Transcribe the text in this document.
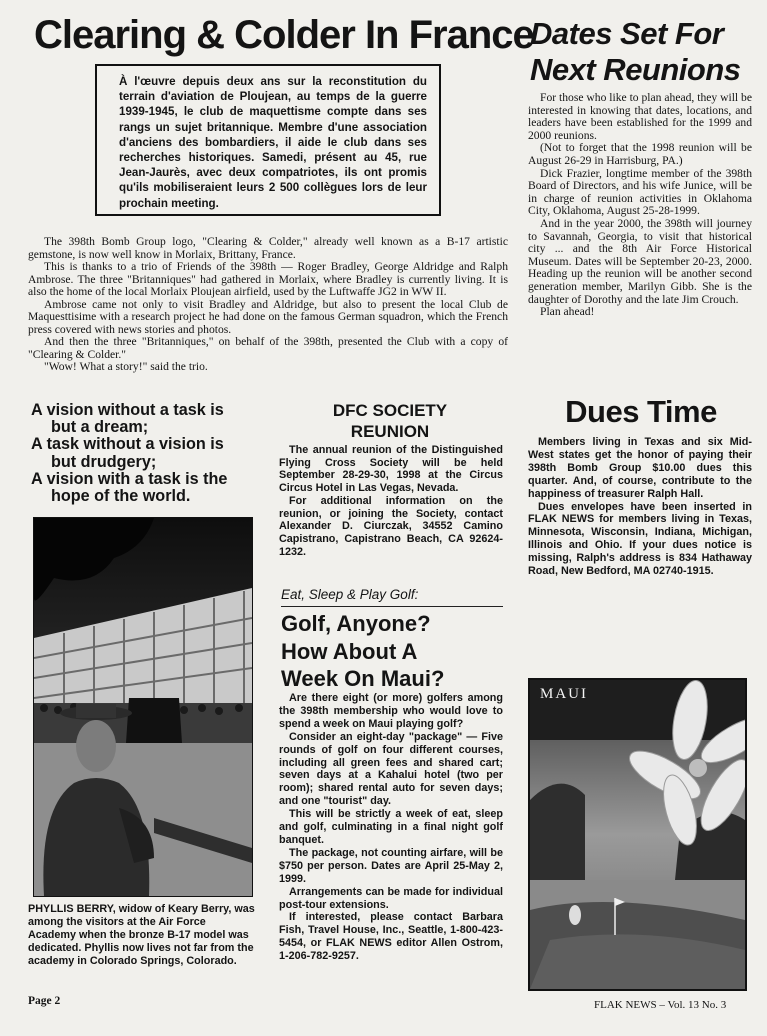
Clearing & Colder In France
À l'œuvre depuis deux ans sur la reconstitution du terrain d'aviation de Ploujean, au temps de la guerre 1939-1945, le club de maquettisme compte dans ses rangs un sujet britannique. Membre d'une association d'anciens des bombardiers, il aide le club dans ses recherches historiques. Samedi, présent au 45, rue Jean-Jaurès, avec deux compatriotes, ils ont promis qu'ils mobiliseraient leurs 2 500 collègues lors de leur prochain meeting.

The 398th Bomb Group logo, "Clearing & Colder," already well known as a B-17 artistic gemstone, is now well know in Morlaix, Brittany, France.

This is thanks to a trio of Friends of the 398th — Roger Bradley, George Aldridge and Ralph Ambrose. The three "Britanniques" had gathered in Morlaix, where Bradley is currently living. It is also the home of the local Morlaix Ploujean airfield, used by the Luftwaffe JG2 in WW II.

Ambrose came not only to visit Bradley and Aldridge, but also to present the local Club de Maquesttisime with a research project he had done on the famous German squadron, which the French press covered with news stories and photos.

And then the three "Britanniques," on behalf of the 398th, presented the Club with a copy of "Clearing & Colder."

"Wow! What a story!" said the trio.

Dates Set For
Next Reunions

For those who like to plan ahead, they will be interested in knowing that dates, locations, and leaders have been established for the 1999 and 2000 reunions.

(Not to forget that the 1998 reunion will be August 26-29 in Harrisburg, PA.)

Dick Frazier, longtime member of the 398th Board of Directors, and his wife Junice, will be in charge of reunion activities in Oklahoma City, Oklahoma, August 25-28-1999.

And in the year 2000, the 398th will journey to Savannah, Georgia, to visit that historical city ... and the 8th Air Force Historical Museum. Dates will be September 20-23, 2000. Heading up the reunion will be another second generation member, Marilyn Gibb. She is the daughter of Dorothy and the late Jim Crouch.

Plan ahead!

A vision without a task is
but a dream;
A task without a vision is
but drudgery;
A vision with a task is the
hope of the world.
DFC SOCIETY
REUNION

The annual reunion of the Distinguished Flying Cross Society will be held September 28-29-30, 1998 at the Circus Circus Hotel in Las Vegas, Nevada.

For additional information on the reunion, or joining the Society, contact Alexander D. Ciurczak, 34552 Camino Capistrano, Capistrano Beach, CA 92624-1232.

Dues Time

Members living in Texas and six Mid-West states get the honor of paying their 398th Bomb Group $10.00 dues this quarter. And, of course, contribute to the happiness of treasurer Ralph Hall.

Dues envelopes have been inserted in FLAK NEWS for members living in Texas, Minnesota, Wisconsin, Indiana, Michigan, Illinois and Ohio. If your dues notice is missing, Ralph's address is 834 Hathaway Road, New Bedford, MA 02740-1915.

PHYLLIS BERRY, widow of Keary Berry, was among the visitors at the Air Force Academy when the bronze B-17 model was dedicated. Phyllis now lives not far from the academy in Colorado Springs, Colorado.
Eat, Sleep & Play Golf:
Golf, Anyone?
How About A
Week On Maui?

Are there eight (or more) golfers among the 398th membership who would love to spend a week on Maui playing golf?

Consider an eight-day "package" — Five rounds of golf on four different courses, including all green fees and shared cart; seven days at a Kahalui hotel (two per room); shared rental auto for seven days; and one "tourist" day.

This will be strictly a week of eat, sleep and golf, culminating in a final night golf banquet.

The package, not counting airfare, will be $750 per person. Dates are April 25-May 2, 1999.

Arrangements can be made for individual post-tour extensions.

If interested, please contact Barbara Fish, Travel House, Inc., Seattle, 1-800-423-5454, or FLAK NEWS editor Allen Ostrom, 1-206-782-9257.

MAUI
Page 2	FLAK NEWS – Vol. 13 No. 3
